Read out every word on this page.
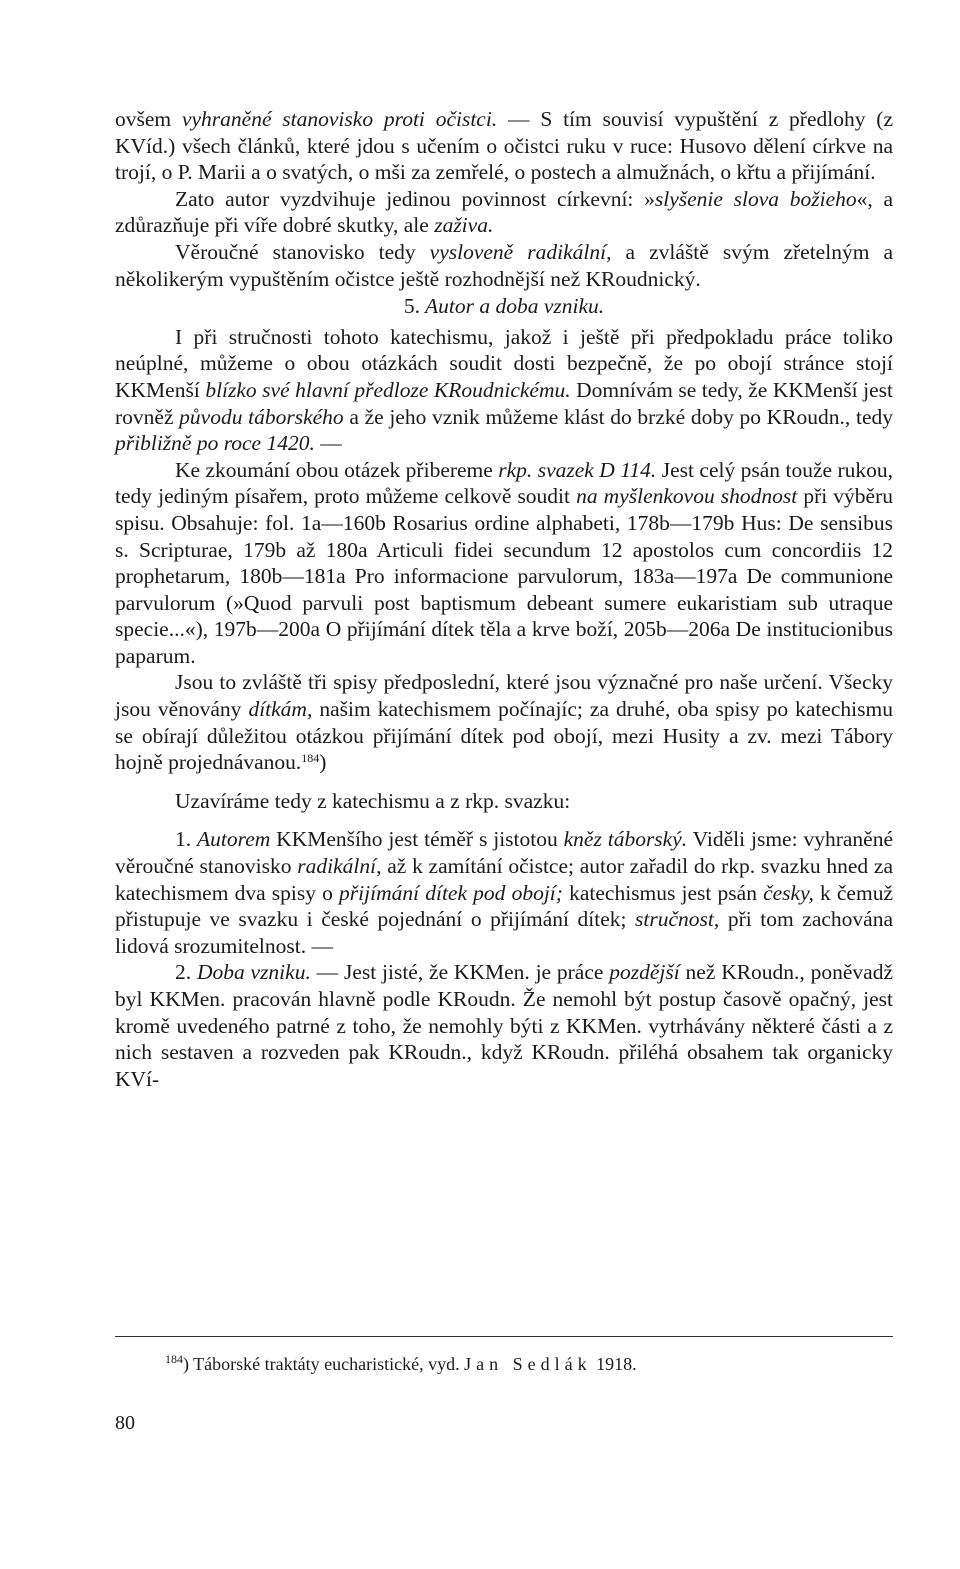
ovšem vyhraněné stanovisko proti očistci. — S tím souvisí vypuštění z předlohy (z KVíd.) všech článků, které jdou s učením o očistci ruku v ruce: Husovo dělení církve na trojí, o P. Marii a o svatých, o mši za zemřelé, o postech a almužnách, o křtu a přijímání.

Zato autor vyzdvihuje jedinou povinnost církevní: »slyšenie slova božieho«, a zdůrazňuje při víře dobré skutky, ale zaživa.

Věroučné stanovisko tedy vysloveně radikální, a zvláště svým zřetelným a několikerým vypuštěním očistce ještě rozhodnější než KRoudnický.

5. Autor a doba vzniku.

I při stručnosti tohoto katechismu, jakož i ještě při předpokladu práce toliko neúplné, můžeme o obou otázkách soudit dosti bezpečně, že po obojí stránce stojí KKMenší blízko své hlavní předloze KRoudnickému. Domnívám se tedy, že KKMenší jest rovněž původu táborského a že jeho vznik můžeme klást do brzké doby po KRoudn., tedy přibližně po roce 1420. —

Ke zkoumání obou otázek přibereme rkp. svazek D 114. Jest celý psán touže rukou, tedy jediným písařem, proto můžeme celkově soudit na myšlenkovou shodnost při výběru spisu. Obsahuje: fol. 1a—160b Rosarius ordine alphabeti, 178b—179b Hus: De sensibus s. Scripturae, 179b až 180a Articuli fidei secundum 12 apostolos cum concordiis 12 prophetarum, 180b—181a Pro informacione parvulorum, 183a—197a De communione parvulorum (»Quod parvuli post baptismum debeant sumere eukaristiam sub utraque specie...«), 197b—200a O přijímání dítek těla a krve boží, 205b—206a De institucionibus paparum.

Jsou to zvláště tři spisy předposlední, které jsou význačné pro naše určení. Všecky jsou věnovány dítkám, našim katechismem počínajíc; za druhé, oba spisy po katechismu se obírají důležitou otázkou přijímání dítek pod obojí, mezi Husity a zv. mezi Tábory hojně projednávanou.$^{184}$)

Uzavíráme tedy z katechismu a z rkp. svazku:

1. Autorem KKMenšího jest téměř s jistotou kněz táborský. Viděli jsme: vyhraněné věroučné stanovisko radikální, až k zamítání očistce; autor zařadil do rkp. svazku hned za katechismem dva spisy o přijímání dítek pod obojí; katechismus jest psán česky, k čemuž přistupuje ve svazku i české pojednání o přijímání dítek; stručnost, při tom zachována lidová srozumitelnost. —

2. Doba vzniku. — Jest jisté, že KKMen. je práce pozdější než KRoudn., poněvadž byl KKMen. pracován hlavně podle KRoudn. Že nemohl být postup časově opačný, jest kromě uvedeného patrné z toho, že nemohly býti z KKMen. vytrhávány některé části a z nich sestaven a rozveden pak KRoudn., když KRoudn. přiléhá obsahem tak organicky KVí-

$^{184}$) Táborské traktáty eucharistické, vyd. Jan Sedlák 1918.
80
